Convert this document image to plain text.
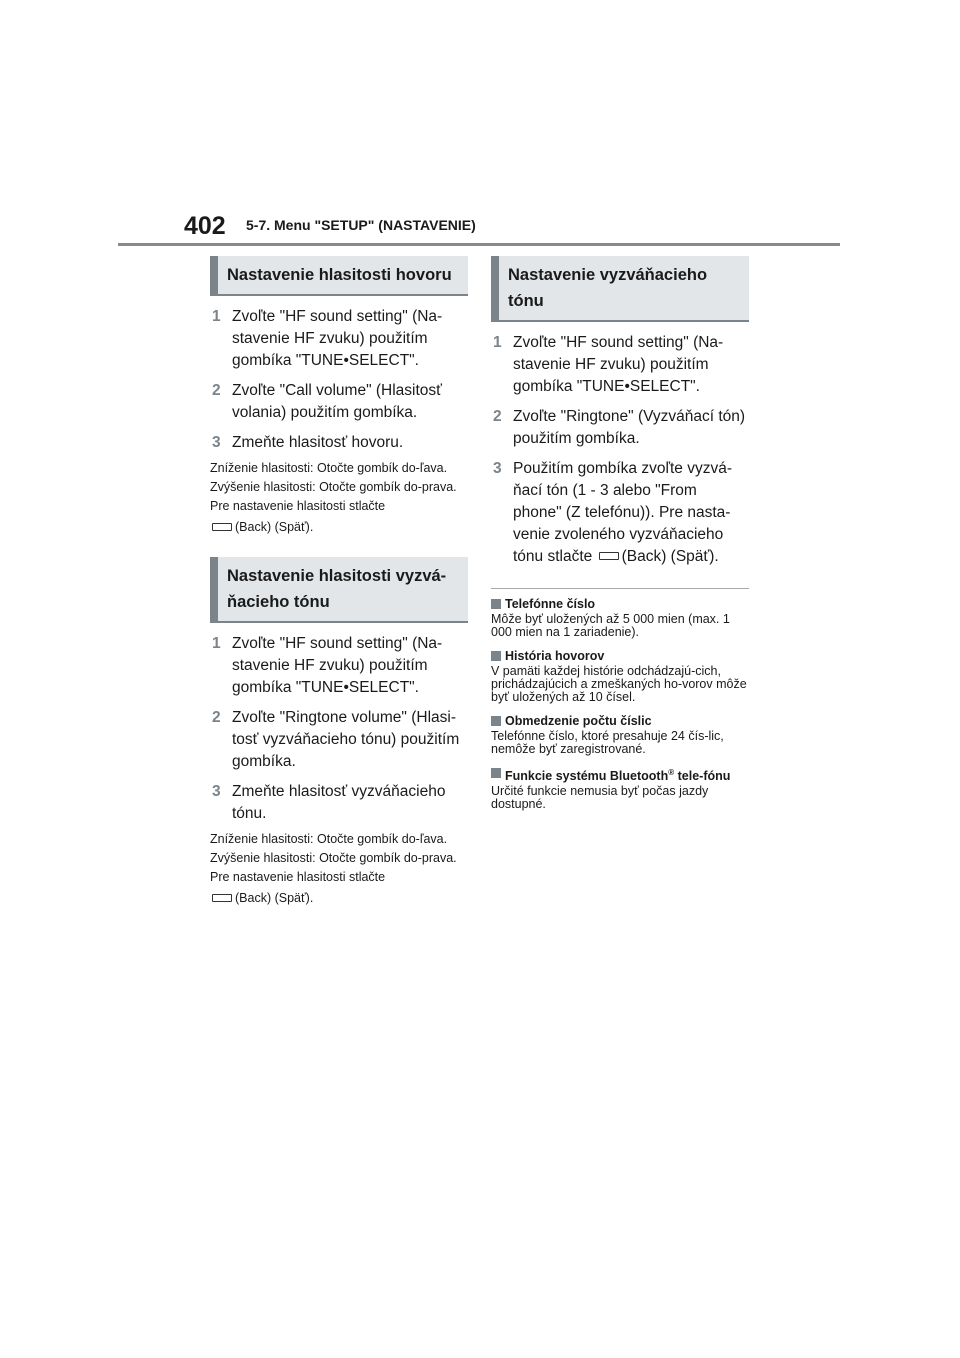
402 5-7. Menu "SETUP" (NASTAVENIE)
Nastavenie hlasitosti hovoru
1 Zvoľte "HF sound setting" (Na-stavenie HF zvuku) použitím gombíka "TUNE•SELECT".
2 Zvoľte "Call volume" (Hlasitosť volania) použitím gombíka.
3 Zmeňte hlasitosť hovoru.
Zníženie hlasitosti: Otočte gombík do-ľava.
Zvýšenie hlasitosti: Otočte gombík do-prava.
Pre nastavenie hlasitosti stlačte
(Back) (Späť).
Nastavenie hlasitosti vyzvá-ňacieho tónu
1 Zvoľte "HF sound setting" (Na-stavenie HF zvuku) použitím gombíka "TUNE•SELECT".
2 Zvoľte "Ringtone volume" (Hlasi-tosť vyzváňacieho tónu) použitím gombíka.
3 Zmeňte hlasitosť vyzváňacieho tónu.
Zníženie hlasitosti: Otočte gombík do-ľava.
Zvýšenie hlasitosti: Otočte gombík do-prava.
Pre nastavenie hlasitosti stlačte
(Back) (Späť).
Nastavenie vyzváňacieho tónu
1 Zvoľte "HF sound setting" (Na-stavenie HF zvuku) použitím gombíka "TUNE•SELECT".
2 Zvoľte "Ringtone" (Vyzváňací tón) použitím gombíka.
3 Použitím gombíka zvoľte vyzvá-ňací tón (1 - 3 alebo "From phone" (Z telefónu)). Pre nasta-venie zvoleného vyzváňacieho tónu stlačte (Back) (Späť).
Telefónne číslo
Môže byť uložených až 5 000 mien (max. 1 000 mien na 1 zariadenie).
História hovorov
V pamäti každej histórie odchádzajú-cich, prichádzajúcich a zmeškaných ho-vorov môže byť uložených až 10 čísel.
Obmedzenie počtu číslic
Telefónne číslo, ktoré presahuje 24 čís-lic, nemôže byť zaregistrované.
Funkcie systému Bluetooth® tele-fónu
Určité funkcie nemusia byť počas jazdy dostupné.
